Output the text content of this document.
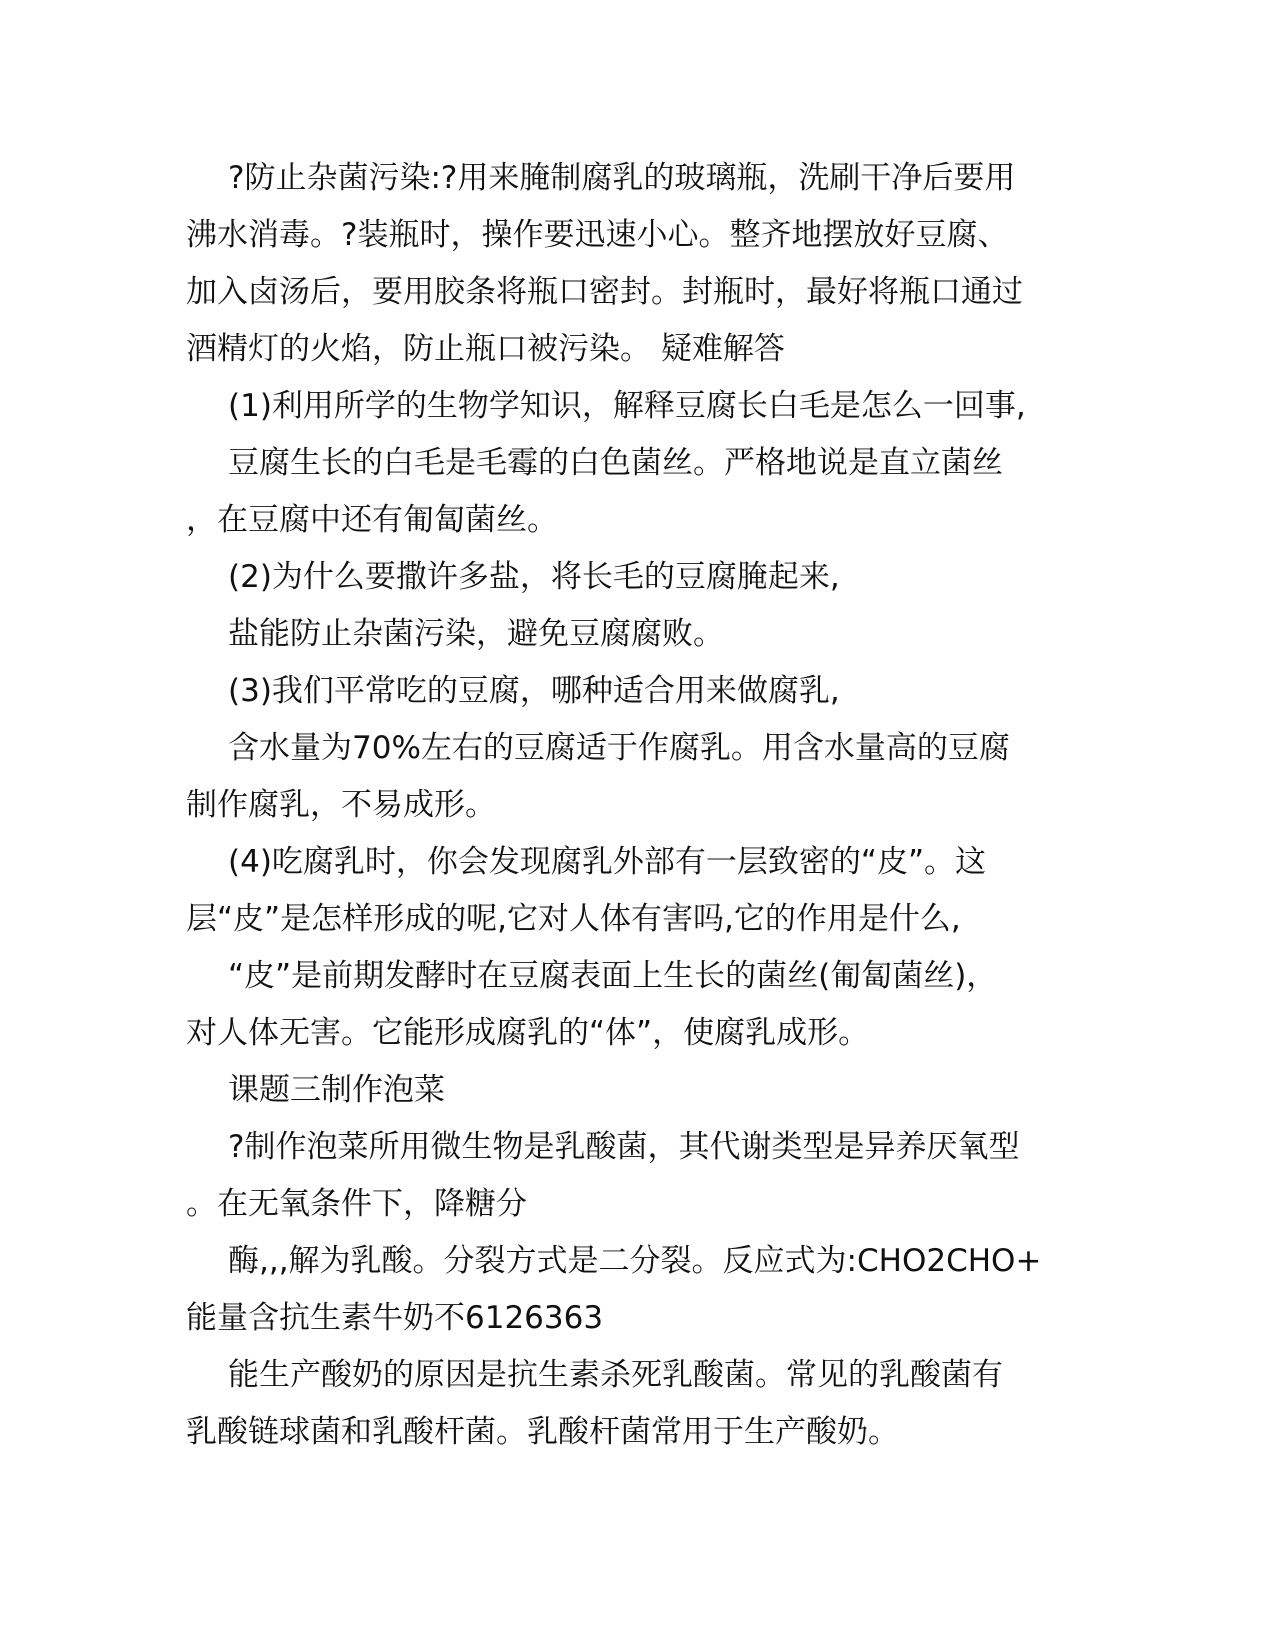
?防止杂菌污染:?用来腌制腐乳的玻璃瓶，洗刷干净后要用
沸水消毒。?装瓶时，操作要迅速小心。整齐地摆放好豆腐、
加入卤汤后，要用胶条将瓶口密封。封瓶时，最好将瓶口通过
酒精灯的火焰，防止瓶口被污染。 疑难解答
(1)利用所学的生物学知识，解释豆腐长白毛是怎么一回事,
豆腐生长的白毛是毛霉的白色菌丝。严格地说是直立菌丝
，在豆腐中还有匍匐菌丝。
(2)为什么要撒许多盐，将长毛的豆腐腌起来,
盐能防止杂菌污染，避免豆腐腐败。
(3)我们平常吃的豆腐，哪种适合用来做腐乳,
含水量为70%左右的豆腐适于作腐乳。用含水量高的豆腐
制作腐乳，不易成形。
(4)吃腐乳时，你会发现腐乳外部有一层致密的“皮”。这
层“皮”是怎样形成的呢,它对人体有害吗,它的作用是什么,
“皮”是前期发酵时在豆腐表面上生长的菌丝(匍匐菌丝)，
对人体无害。它能形成腐乳的“体”，使腐乳成形。
课题三制作泡菜
?制作泡菜所用微生物是乳酸菌，其代谢类型是异养厌氧型
。在无氧条件下，降糖分
酶,,,解为乳酸。分裂方式是二分裂。反应式为:CHO2CHO+
能量含抗生素牛奶不6126363
能生产酸奶的原因是抗生素杀死乳酸菌。常见的乳酸菌有
乳酸链球菌和乳酸杆菌。乳酸杆菌常用于生产酸奶。
